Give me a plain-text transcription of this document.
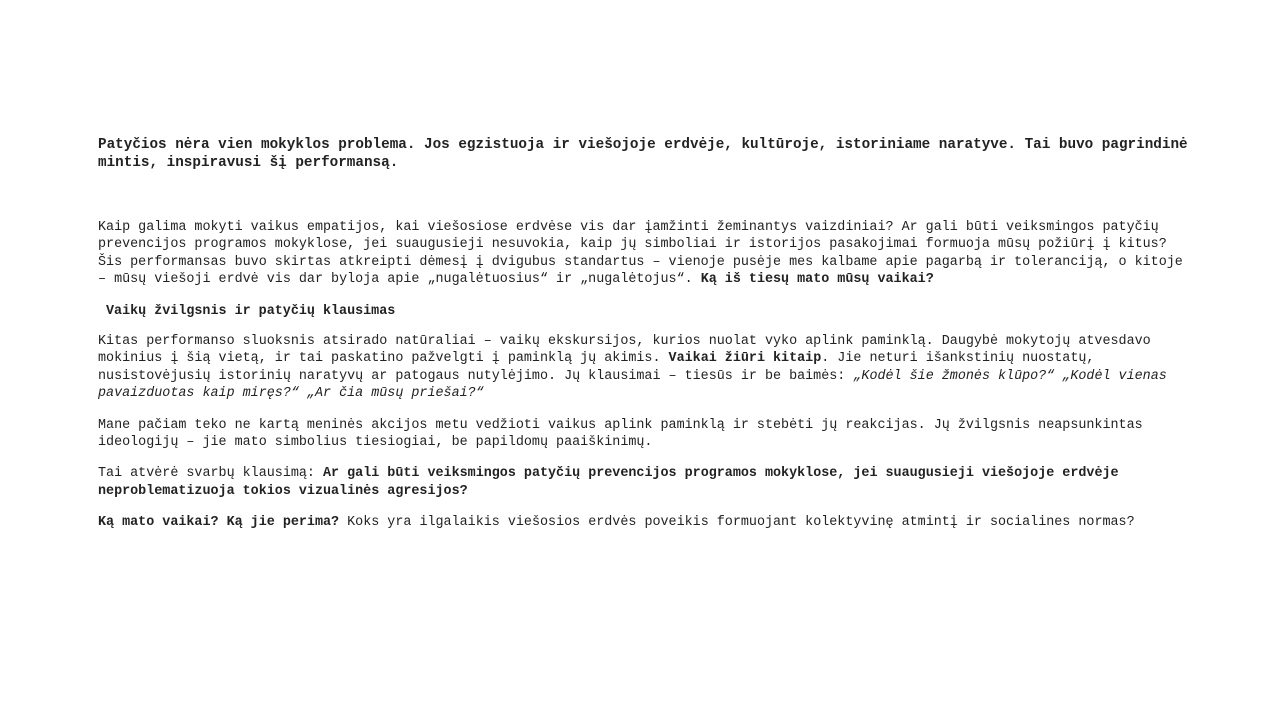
Patyčios nėra vien mokyklos problema. Jos egzistuoja ir viešojoje erdvėje, kultūroje, istoriniame naratyve. Tai buvo pagrindinė mintis, inspiravusi šį performansą.

Kaip galima mokyti vaikus empatijos, kai viešosiose erdvėse vis dar įamžinti žeminantys vaizdiniai? Ar gali būti veiksmingos patyčių prevencijos programos mokyklose, jei suaugusieji nesuvokia, kaip jų simboliai ir istorijos pasakojimai formuoja mūsų požiūrį į kitus? Šis performansas buvo skirtas atkreipti dėmesį į dvigubus standartus – vienoje pusėje mes kalbame apie pagarbą ir toleranciją, o kitoje – mūsų viešoji erdvė vis dar byloja apie „nugalėtuosius“ ir „nugalėtojus“. Ką iš tiesų mato mūsų vaikai?

Vaikų žvilgsnis ir patyčių klausimas

Kitas performanso sluoksnis atsirado natūraliai – vaikų ekskursijos, kurios nuolat vyko aplink paminklą. Daugybė mokytojų atvesdavo mokinius į šią vietą, ir tai paskatino pažvelgti į paminklą jų akimis. Vaikai žiūri kitaip. Jie neturi išankstinių nuostatų, nusistovėjusių istorinių naratyvų ar patogaus nutylėjimo. Jų klausimai – tiesūs ir be baimės: „Kodėl šie žmonės klūpo?“ „Kodėl vienas pavaizduotas kaip miręs?“ „Ar čia mūsų priešai?“

Mane pačiam teko ne kartą meninės akcijos metu vedžioti vaikus aplink paminklą ir stebėti jų reakcijas. Jų žvilgsnis neapsunkintas ideologijų – jie mato simbolius tiesiogiai, be papildomų paaiškinimų.

Tai atvėrė svarbų klausimą: Ar gali būti veiksmingos patyčių prevencijos programos mokyklose, jei suaugusieji viešojoje erdvėje neproblematizuoja tokios vizualinės agresijos?

Ką mato vaikai? Ką jie perima? Koks yra ilgalaikis viešosios erdvės poveikis formuojant kolektyvinę atmintį ir socialines normas?
